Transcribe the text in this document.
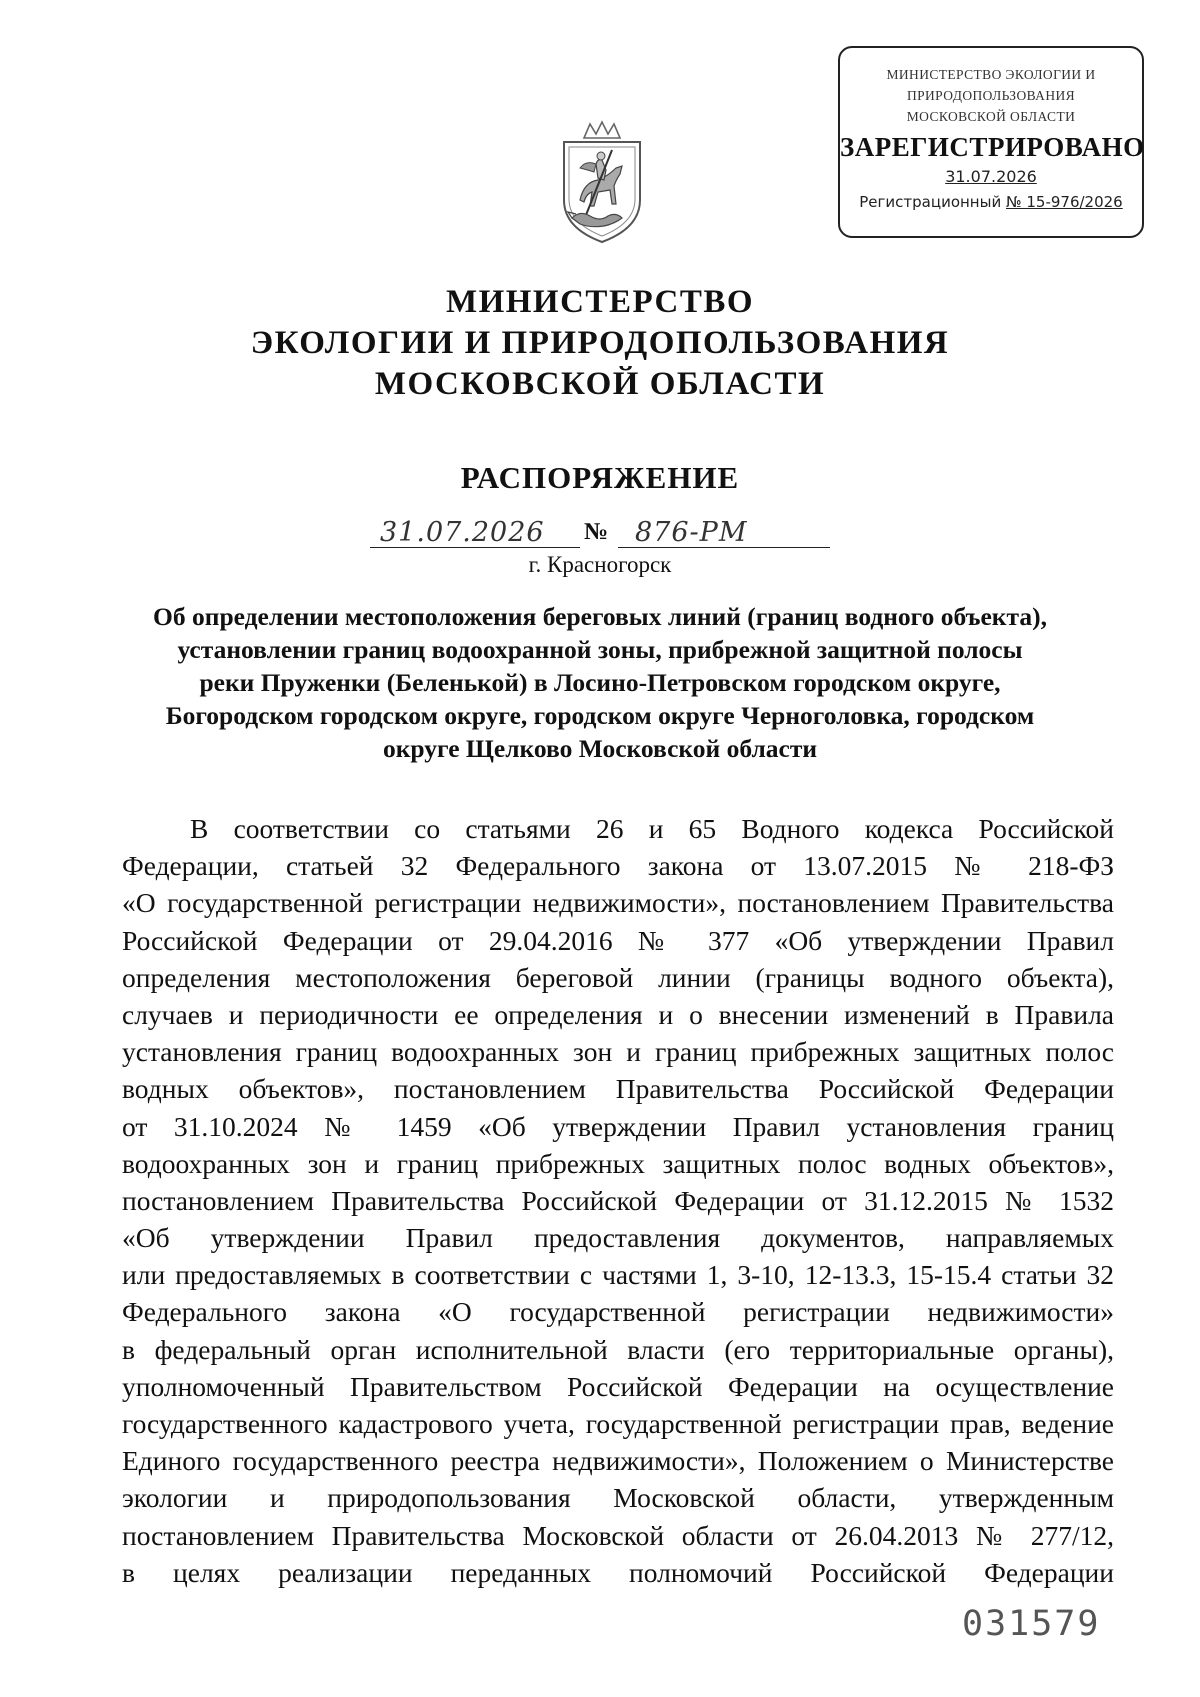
МИНИСТЕРСТВО ЭКОЛОГИИ И
ПРИРОДОПОЛЬЗОВАНИЯ
МОСКОВСКОЙ ОБЛАСТИ
ЗАРЕГИСТРИРОВАНО
31.07.2026
Регистрационный № 15-976/2026
МИНИСТЕРСТВО
ЭКОЛОГИИ И ПРИРОДОПОЛЬЗОВАНИЯ
МОСКОВСКОЙ ОБЛАСТИ
РАСПОРЯЖЕНИЕ
31.07.2026 № 876-РМ
г. Красногорск
Об определении местоположения береговых линий (границ водного объекта),
установлении границ водоохранной зоны, прибрежной защитной полосы
реки Пруженки (Беленькой) в Лосино-Петровском городском округе,
Богородском городском округе, городском округе Черноголовка, городском
округе Щелково Московской области
В соответствии со статьями 26 и 65 Водного кодекса Российской
Федерации, статьей 32 Федерального закона от 13.07.2015 № 218-ФЗ
«О государственной регистрации недвижимости», постановлением Правительства
Российской Федерации от 29.04.2016 № 377 «Об утверждении Правил
определения местоположения береговой линии (границы водного объекта),
случаев и периодичности ее определения и о внесении изменений в Правила
установления границ водоохранных зон и границ прибрежных защитных полос
водных объектов», постановлением Правительства Российской Федерации
от 31.10.2024 № 1459 «Об утверждении Правил установления границ
водоохранных зон и границ прибрежных защитных полос водных объектов»,
постановлением Правительства Российской Федерации от 31.12.2015 № 1532
«Об утверждении Правил предоставления документов, направляемых
или предоставляемых в соответствии с частями 1, 3-10, 12-13.3, 15-15.4 статьи 32
Федерального закона «О государственной регистрации недвижимости»
в федеральный орган исполнительной власти (его территориальные органы),
уполномоченный Правительством Российской Федерации на осуществление
государственного кадастрового учета, государственной регистрации прав, ведение
Единого государственного реестра недвижимости», Положением о Министерстве
экологии и природопользования Московской области, утвержденным
постановлением Правительства Московской области от 26.04.2013 № 277/12,
в целях реализации переданных полномочий Российской Федерации
031579
